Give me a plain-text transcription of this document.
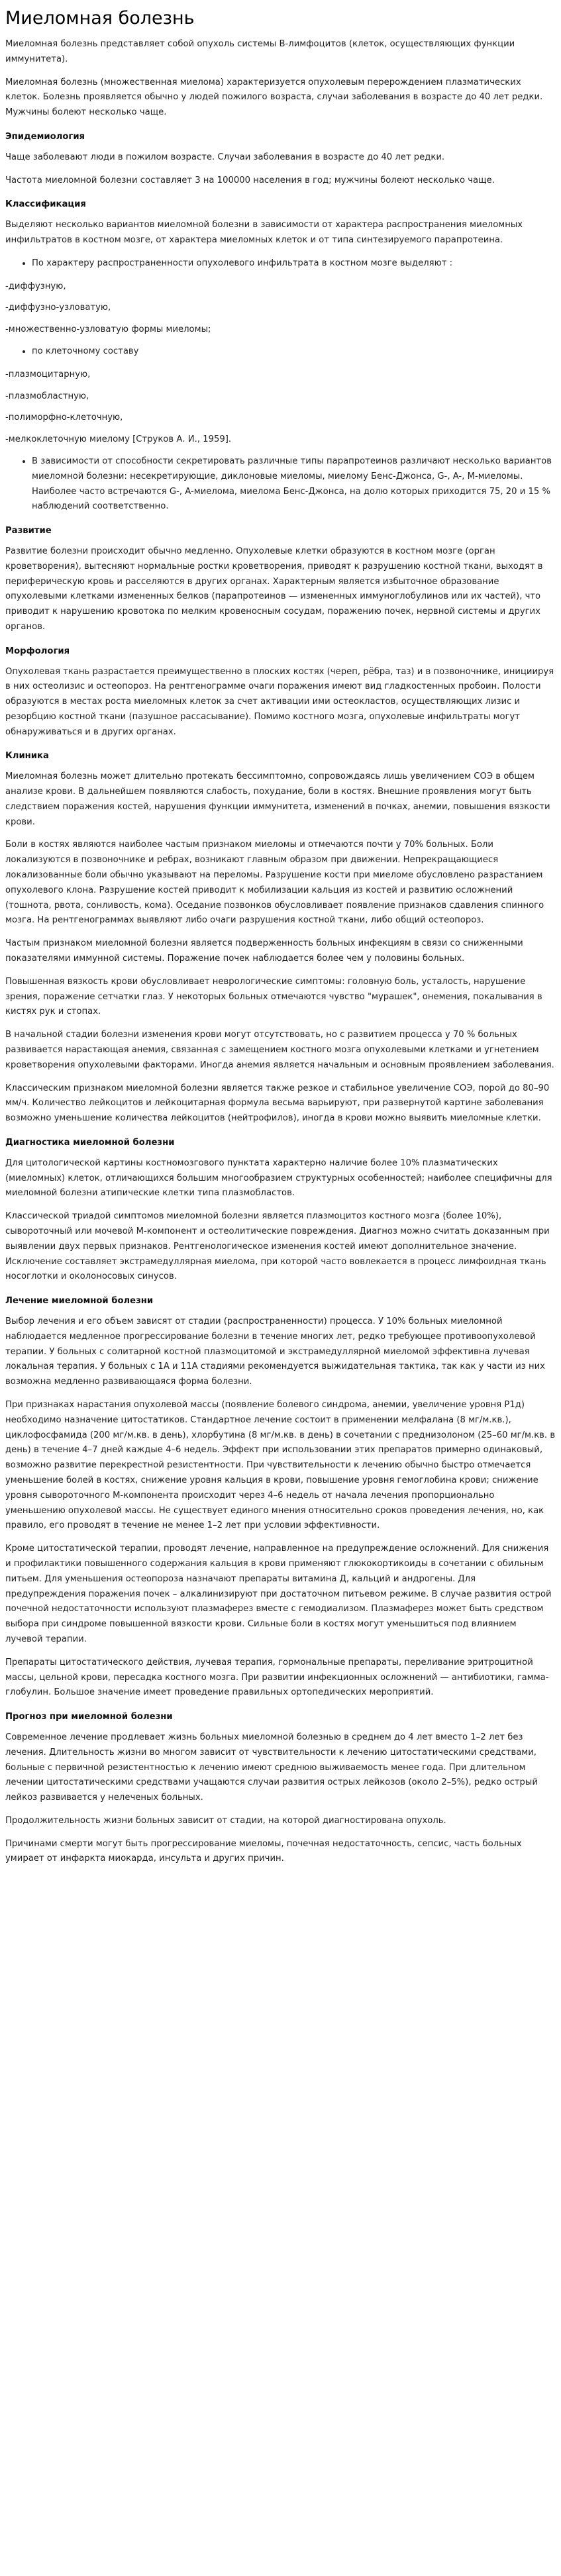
Миеломная болезнь

Миеломная болезнь представляет собой опухоль системы В-лимфоцитов (клеток, осуществляющих функции иммунитета).

Миеломная болезнь (множественная миелома) характеризуется опухолевым перерождением плазматических клеток. Болезнь проявляется обычно у людей пожилого возраста, случаи заболевания в возрасте до 40 лет редки. Мужчины болеют несколько чаще.

Эпидемиология

Чаще заболевают люди в пожилом возрасте. Случаи заболевания в возрасте до 40 лет редки.

Частота миеломной болезни составляет 3 на 100000 населения в год; мужчины болеют несколько чаще.

Классификация

Выделяют несколько вариантов миеломной болезни в зависимости от характера распространения миеломных инфильтратов в костном мозге, от характера миеломных клеток и от типа синтезируемого парапротеина.

• По характеру распространенности опухолевого инфильтрата в костном мозге выделяют :

-диффузную,

-диффузно-узловатую,

-множественно-узловатую формы миеломы;

• по клеточному составу

-плазмоцитарную,

-плазмобластную,

-полиморфно-клеточную,

-мелкоклеточную миелому [Струков А. И., 1959].

• В зависимости от способности секретировать различные типы парапротеинов различают несколько вариантов миеломной болезни: несекретирующие, диклоновые миеломы, миелому Бенс-Джонса, G-, A-, M-миеломы. Наиболее часто встречаются G-, A-миелома, миелома Бенс-Джонса, на долю которых приходится 75, 20 и 15 % наблюдений соответственно.
Развитие

Развитие болезни происходит обычно медленно. Опухолевые клетки образуются в костном мозге (орган кроветворения), вытесняют нормальные ростки кроветворения, приводят к разрушению костной ткани, выходят в периферическую кровь и расселяются в других органах. Характерным является избыточное образование опухолевыми клетками измененных белков (парапротеинов — измененных иммуноглобулинов или их частей), что приводит к нарушению кровотока по мелким кровеносным сосудам, поражению почек, нервной системы и других органов.

Морфология

Опухолевая ткань разрастается преимущественно в плоских костях (череп, рёбра, таз) и в позвоночнике, инициируя в них остеолизис и остеопороз. На рентгенограмме очаги поражения имеют вид гладкостенных пробоин. Полости образуются в местах роста миеломных клеток за счет активации ими остеокластов, осуществляющих лизис и резорбцию костной ткани (пазушное рассасывание). Помимо костного мозга, опухолевые инфильтраты могут обнаруживаться и в других органах.

Клиника

Миеломная болезнь может длительно протекать бессимптомно, сопровождаясь лишь увеличением СОЭ в общем анализе крови. В дальнейшем появляются слабость, похудание, боли в костях. Внешние проявления могут быть следствием поражения костей, нарушения функции иммунитета, изменений в почках, анемии, повышения вязкости крови.

Боли в костях являются наиболее частым признаком миеломы и отмечаются почти у 70% больных. Боли локализуются в позвоночнике и ребрах, возникают главным образом при движении. Непрекращающиеся локализованные боли обычно указывают на переломы. Разрушение кости при миеломе обусловлено разрастанием опухолевого клона. Разрушение костей приводит к мобилизации кальция из костей и развитию осложнений (тошнота, рвота, сонливость, кома). Оседание позвонков обусловливает появление признаков сдавления спинного мозга. На рентгенограммах выявляют либо очаги разрушения костной ткани, либо общий остеопороз.

Частым признаком миеломной болезни является подверженность больных инфекциям в связи со сниженными показателями иммунной системы. Поражение почек наблюдается более чем у половины больных.

Повышенная вязкость крови обусловливает неврологические симптомы: головную боль, усталость, нарушение зрения, поражение сетчатки глаз. У некоторых больных отмечаются чувство "мурашек", онемения, покалывания в кистях рук и стопах.

В начальной стадии болезни изменения крови могут отсутствовать, но с развитием процесса у 70 % больных развивается нарастающая анемия, связанная с замещением костного мозга опухолевыми клетками и угнетением кроветворения опухолевыми факторами. Иногда анемия является начальным и основным проявлением заболевания.

Классическим признаком миеломной болезни является также резкое и стабильное увеличение СОЭ, порой до 80–90 мм/ч. Количество лейкоцитов и лейкоцитарная формула весьма варьируют, при развернутой картине заболевания возможно уменьшение количества лейкоцитов (нейтрофилов), иногда в крови можно выявить миеломные клетки.

Диагностика миеломной болезни

Для цитологической картины костномозгового пунктата характерно наличие более 10% плазматических (миеломных) клеток, отличающихся большим многообразием структурных особенностей; наиболее специфичны для миеломной болезни атипические клетки типа плазмобластов.

Классической триадой симптомов миеломной болезни является плазмоцитоз костного мозга (более 10%), сывороточный или мочевой М-компонент и остеолитические повреждения. Диагноз можно считать доказанным при выявлении двух первых признаков. Рентгенологическое изменения костей имеют дополнительное значение. Исключение составляет экстрамедуллярная миелома, при которой часто вовлекается в процесс лимфоидная ткань носоглотки и околоносовых синусов.

Лечение миеломной болезни

Выбор лечения и его объем зависят от стадии (распространенности) процесса. У 10% больных миеломной наблюдается медленное прогрессирование болезни в течение многих лет, редко требующее противоопухолевой терапии. У больных с солитарной костной плазмоцитомой и экстрамедуллярной миеломой эффективна лучевая локальная терапия. У больных с 1А и 11А стадиями рекомендуется выжидательная тактика, так как у части из них возможна медленно развивающаяся форма болезни.

При признаках нарастания опухолевой массы (появление болевого синдрома, анемии, увеличение уровня Р1д) необходимо назначение цитостатиков. Стандартное лечение состоит в применении мелфалана (8 мг/м.кв.), циклофосфамида (200 мг/м.кв. в день), хлорбутина (8 мг/м.кв. в день) в сочетании с преднизолоном (25–60 мг/м.кв. в день) в течение 4–7 дней каждые 4–6 недель. Эффект при использовании этих препаратов примерно одинаковый, возможно развитие перекрестной резистентности. При чувствительности к лечению обычно быстро отмечается уменьшение болей в костях, снижение уровня кальция в крови, повышение уровня гемоглобина крови; снижение уровня сывороточного М-компонента происходит через 4–6 недель от начала лечения пропорционально уменьшению опухолевой массы. Не существует единого мнения относительно сроков проведения лечения, но, как правило, его проводят в течение не менее 1–2 лет при условии эффективности.

Кроме цитостатической терапии, проводят лечение, направленное на предупреждение осложнений. Для снижения и профилактики повышенного содержания кальция в крови применяют глюкокортикоиды в сочетании с обильным питьем. Для уменьшения остеопороза назначают препараты витамина Д, кальций и андрогены. Для предупреждения поражения почек – алкалинизируют при достаточном питьевом режиме. В случае развития острой почечной недостаточности используют плазмаферез вместе с гемодиализом. Плазмаферез может быть средством выбора при синдроме повышенной вязкости крови. Сильные боли в костях могут уменьшиться под влиянием лучевой терапии.

Препараты цитостатического действия, лучевая терапия, гормональные препараты, переливание эритроцитной массы, цельной крови, пересадка костного мозга. При развитии инфекционных осложнений — антибиотики, гамма-глобулин. Большое значение имеет проведение правильных ортопедических мероприятий.

Прогноз при миеломной болезни

Современное лечение продлевает жизнь больных миеломной болезнью в среднем до 4 лет вместо 1–2 лет без лечения. Длительность жизни во многом зависит от чувствительности к лечению цитостатическими средствами, больные с первичной резистентностью к лечению имеют среднюю выживаемость менее года. При длительном лечении цитостатическими средствами учащаются случаи развития острых лейкозов (около 2–5%), редко острый лейкоз развивается у нелеченых больных.

Продолжительность жизни больных зависит от стадии, на которой диагностирована опухоль.

Причинами смерти могут быть прогрессирование миеломы, почечная недостаточность, сепсис, часть больных умирает от инфаркта миокарда, инсульта и других причин.
